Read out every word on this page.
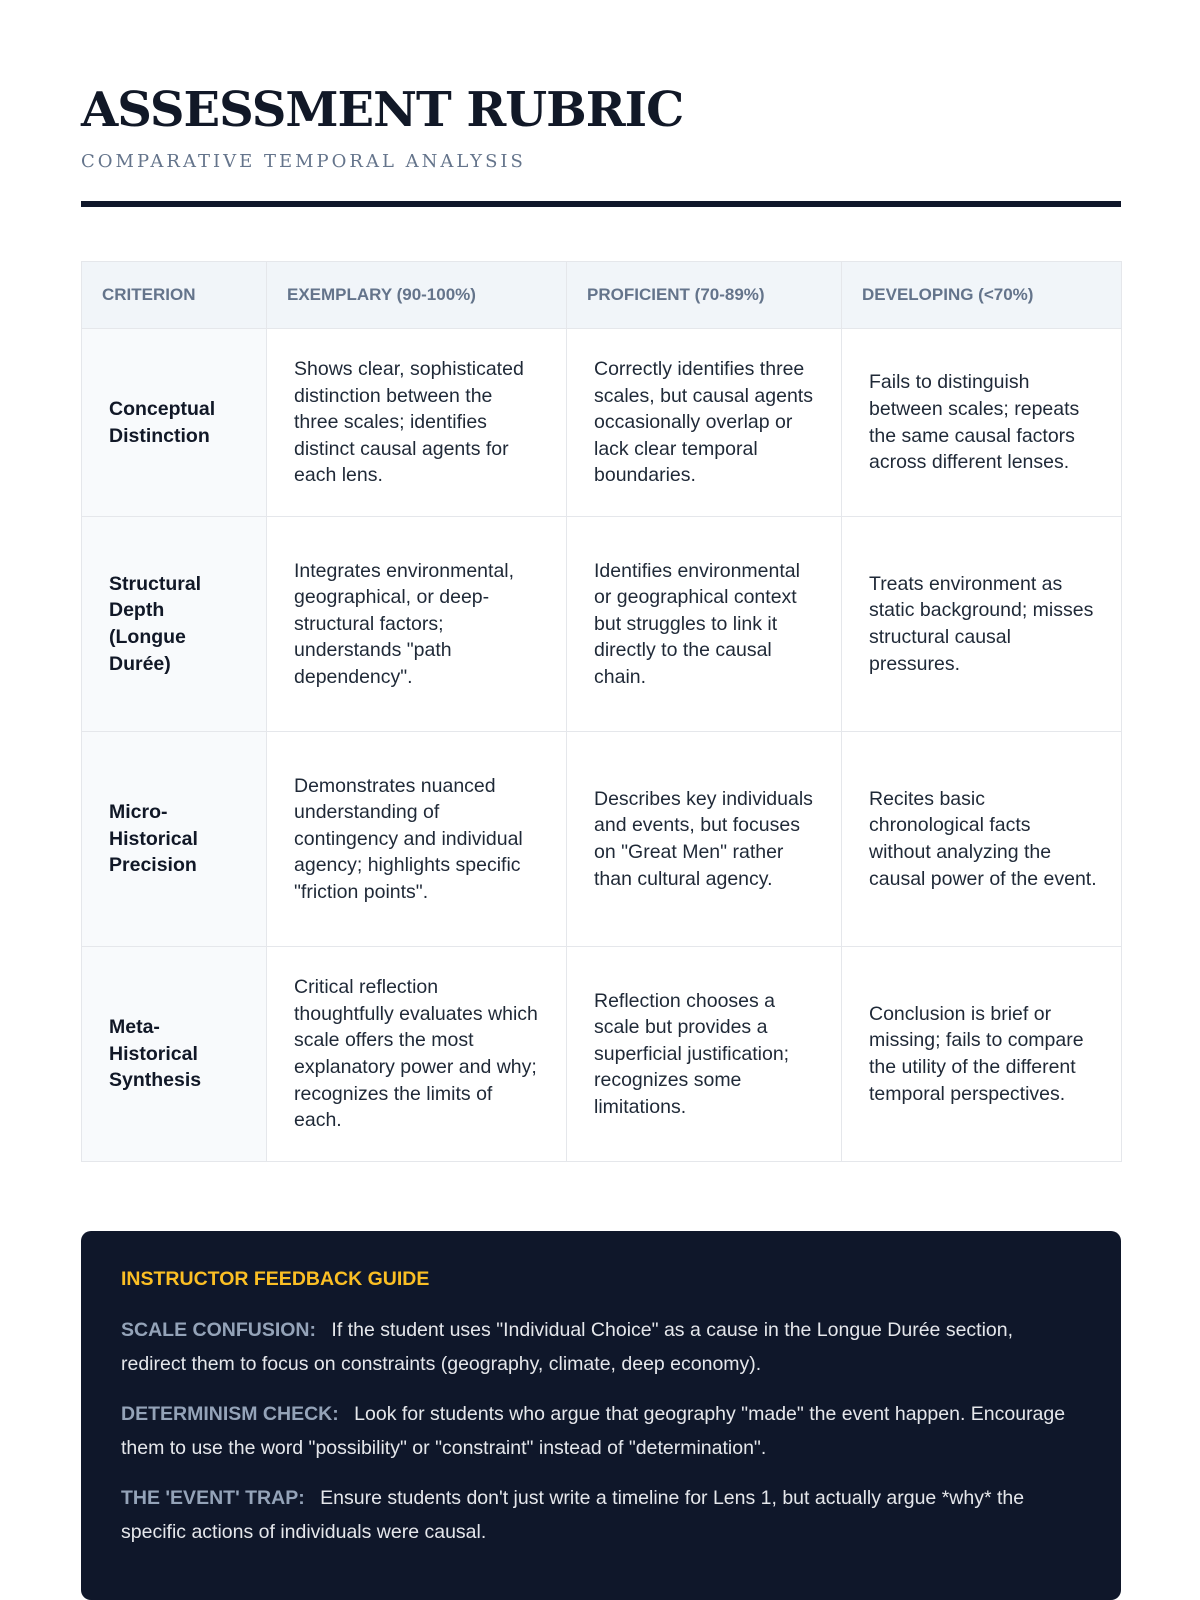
ASSESSMENT RUBRIC
COMPARATIVE TEMPORAL ANALYSIS
CRITERION	EXEMPLARY (90-100%)	PROFICIENT (70-89%)	DEVELOPING (<70%)
Conceptual Distinction	Shows clear, sophisticated distinction between the three scales; identifies distinct causal agents for each lens.	Correctly identifies three scales, but causal agents occasionally overlap or lack clear temporal boundaries.	Fails to distinguish between scales; repeats the same causal factors across different lenses.
Structural Depth (Longue Durée)	Integrates environmental, geographical, or deep-structural factors; understands "path dependency".	Identifies environmental or geographical context but struggles to link it directly to the causal chain.	Treats environment as static background; misses structural causal pressures.
Micro-Historical Precision	Demonstrates nuanced understanding of contingency and individual agency; highlights specific "friction points".	Describes key individuals and events, but focuses on "Great Men" rather than cultural agency.	Recites basic chronological facts without analyzing the causal power of the event.
Meta-Historical Synthesis	Critical reflection thoughtfully evaluates which scale offers the most explanatory power and why; recognizes the limits of each.	Reflection chooses a scale but provides a superficial justification; recognizes some limitations.	Conclusion is brief or missing; fails to compare the utility of the different temporal perspectives.
INSTRUCTOR FEEDBACK GUIDE

SCALE CONFUSION: If the student uses "Individual Choice" as a cause in the Longue Durée section, redirect them to focus on constraints (geography, climate, deep economy).

DETERMINISM CHECK: Look for students who argue that geography "made" the event happen. Encourage them to use the word "possibility" or "constraint" instead of "determination".

THE 'EVENT' TRAP: Ensure students don't just write a timeline for Lens 1, but actually argue *why* the specific actions of individuals were causal.
